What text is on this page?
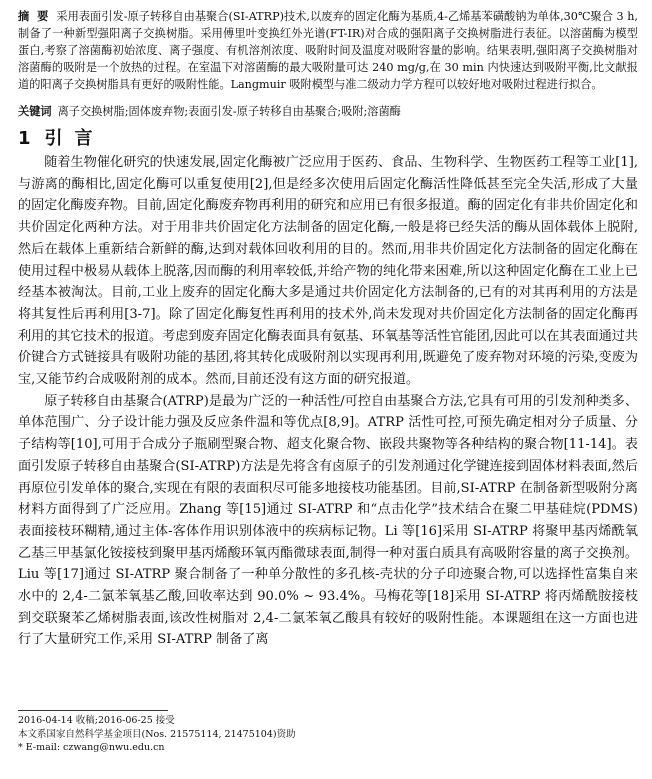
摘 要 采用表面引发-原子转移自由基聚合(SI-ATRP)技术,以废弃的固定化酶为基质,4-乙烯基苯磺酸钠为单体,30℃聚合 3 h,制备了一种新型强阳离子交换树脂。采用傅里叶变换红外光谱(FT-IR)对合成的强阳离子交换树脂进行表征。以溶菌酶为模型蛋白,考察了溶菌酶初始浓度、离子强度、有机溶剂浓度、吸附时间及温度对吸附容量的影响。结果表明,强阳离子交换树脂对溶菌酶的吸附是一个放热的过程。在室温下对溶菌酶的最大吸附量可达 240 mg/g,在 30 min 内快速达到吸附平衡,比文献报道的阳离子交换树脂具有更好的吸附性能。Langmuir 吸附模型与准二级动力学方程可以较好地对吸附过程进行拟合。
关键词 离子交换树脂;固体废弃物;表面引发-原子转移自由基聚合;吸附;溶菌酶
1 引言

随着生物催化研究的快速发展,固定化酶被广泛应用于医药、食品、生物科学、生物医药工程等工业[1],与游离的酶相比,固定化酶可以重复使用[2],但是经多次使用后固定化酶活性降低甚至完全失活,形成了大量的固定化酶废弃物。目前,固定化酶废弃物再利用的研究和应用已有很多报道。酶的固定化有非共价固定化和共价固定化两种方法。对于用非共价固定化方法制备的固定化酶,一般是将已经失活的酶从固体载体上脱附,然后在载体上重新结合新鲜的酶,达到对载体回收利用的目的。然而,用非共价固定化方法制备的固定化酶在使用过程中极易从载体上脱落,因而酶的利用率较低,并给产物的纯化带来困难,所以这种固定化酶在工业上已经基本被淘汰。目前,工业上废弃的固定化酶大多是通过共价固定化方法制备的,已有的对其再利用的方法是将其复性后再利用[3-7]。除了固定化酶复性再利用的技术外,尚未发现对共价固定化方法制备的固定化酶再利用的其它技术的报道。考虑到废弃固定化酶表面具有氨基、环氧基等活性官能团,因此可以在其表面通过共价键合方式链接具有吸附功能的基团,将其转化成吸附剂以实现再利用,既避免了废弃物对环境的污染,变废为宝,又能节约合成吸附剂的成本。然而,目前还没有这方面的研究报道。

原子转移自由基聚合(ATRP)是最为广泛的一种活性/可控自由基聚合方法,它具有可用的引发剂种类多、单体范围广、分子设计能力强及反应条件温和等优点[8,9]。ATRP 活性可控,可预先确定相对分子质量、分子结构等[10],可用于合成分子瓶刷型聚合物、超支化聚合物、嵌段共聚物等各种结构的聚合物[11-14]。表面引发原子转移自由基聚合(SI-ATRP)方法是先将含有卤原子的引发剂通过化学键连接到固体材料表面,然后再原位引发单体的聚合,实现在有限的表面积尽可能多地接枝功能基团。目前,SI-ATRP 在制备新型吸附分离材料方面得到了广泛应用。Zhang 等[15]通过 SI-ATRP 和“点击化学”技术结合在聚二甲基硅烷(PDMS)表面接枝环糊精,通过主体-客体作用识别体液中的疾病标记物。Li 等[16]采用 SI-ATRP 将聚甲基丙烯酰氧乙基三甲基氯化铵接枝到聚甲基丙烯酸环氧丙酯微球表面,制得一种对蛋白质具有高吸附容量的离子交换剂。Liu 等[17]通过 SI-ATRP 聚合制备了一种单分散性的多孔核-壳状的分子印迹聚合物,可以选择性富集自来水中的 2,4-二氯苯氧基乙酸,回收率达到 90.0% ~ 93.4%。马梅花等[18]采用 SI-ATRP 将丙烯酰胺接枝到交联聚苯乙烯树脂表面,该改性树脂对 2,4-二氯苯氧乙酸具有较好的吸附性能。本课题组在这一方面也进行了大量研究工作,采用 SI-ATRP 制备了离

2016-04-14 收稿;2016-06-25 接受
本文系国家自然科学基金项目(Nos. 21575114, 21475104)资助
* E-mail: czwang@nwu.edu.cn
